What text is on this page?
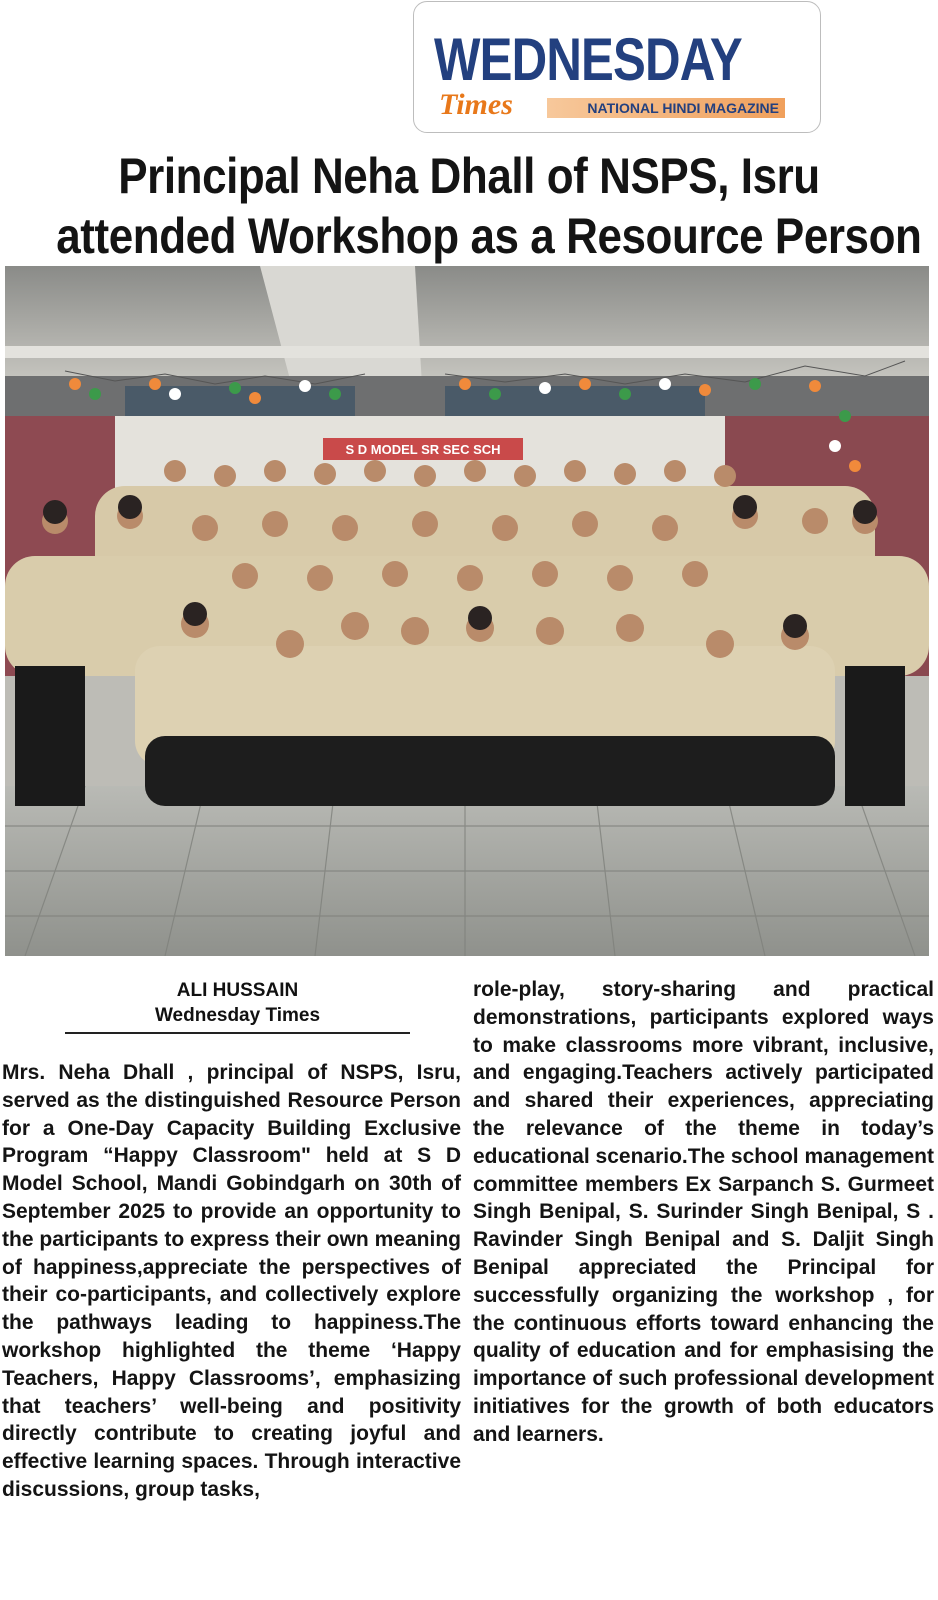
WEDNESDAY
Times	NATIONAL HINDI MAGAZINE
Principal Neha Dhall of NSPS, Isru
attended Workshop as a Resource Person
S D MODEL SR SEC SCH
ALI HUSSAIN
Wednesday Times
Mrs. Neha Dhall , principal of NSPS, Isru, served as the distinguished Resource Person for a One-Day Capacity Building Exclusive Program “Happy Classroom" held at S D Model School, Mandi Gobindgarh on 30th of September 2025 to provide an opportunity to the participants to express their own meaning of happiness,appreciate the perspectives of their co-participants, and collectively explore the pathways leading to happiness.The workshop highlighted the theme ‘Happy Teachers, Happy Classrooms’, emphasizing that teachers’ well-being and positivity directly contribute to creating joyful and effective learning spaces. Through interactive discussions, group tasks,
role-play, story-sharing and practical demonstrations, participants explored ways to make classrooms more vibrant, inclusive, and engaging.Teachers actively participated and shared their experiences, appreciating the relevance of the theme in today’s educational scenario.The school management committee members Ex Sarpanch S. Gurmeet Singh Benipal, S. Surinder Singh Benipal, S . Ravinder Singh Benipal and S. Daljit Singh Benipal appreciated the Principal for successfully organizing the workshop , for the continuous efforts toward enhancing the quality of education and for emphasising the importance of such professional development initiatives for the growth of both educators and learners.
